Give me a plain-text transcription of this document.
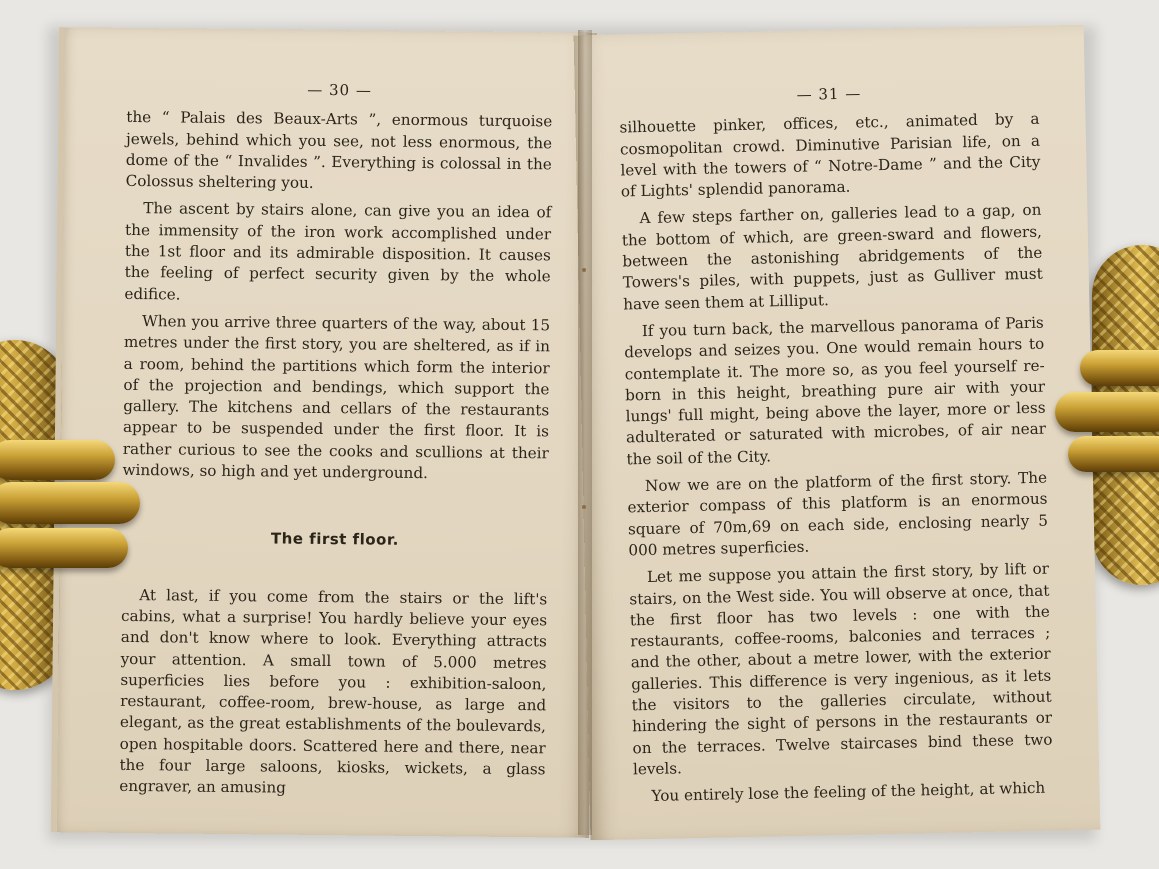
— 30 —

the “ Palais des Beaux-Arts ”, enormous turquoise jewels, behind which you see, not less enormous, the dome of the “ Invalides ”. Everything is colossal in the Colossus sheltering you.

The ascent by stairs alone, can give you an idea of the immensity of the iron work accomplished under the 1st floor and its admirable disposition. It causes the feeling of perfect security given by the whole edifice.

When you arrive three quarters of the way, about 15 metres under the first story, you are sheltered, as if in a room, behind the partitions which form the interior of the projection and bendings, which support the gallery. The kitchens and cellars of the restaurants appear to be suspended under the first floor. It is rather curious to see the cooks and scullions at their windows, so high and yet underground.

The first floor.

At last, if you come from the stairs or the lift's cabins, what a surprise! You hardly believe your eyes and don't know where to look. Everything attracts your attention. A small town of 5.000 metres superficies lies before you : exhibition-saloon, restaurant, coffee-room, brew-house, as large and elegant, as the great establishments of the boulevards, open hospitable doors. Scattered here and there, near the four large saloons, kiosks, wickets, a glass engraver, an amusing

— 31 —

silhouette pinker, offices, etc., animated by a cosmopolitan crowd. Diminutive Parisian life, on a level with the towers of “ Notre-Dame ” and the City of Lights' splendid panorama.

A few steps farther on, galleries lead to a gap, on the bottom of which, are green-sward and flowers, between the astonishing abridgements of the Towers's piles, with puppets, just as Gulliver must have seen them at Lilliput.

If you turn back, the marvellous panorama of Paris develops and seizes you. One would remain hours to contemplate it. The more so, as you feel yourself re-born in this height, breathing pure air with your lungs' full might, being above the layer, more or less adulterated or saturated with microbes, of air near the soil of the City.

Now we are on the platform of the first story. The exterior compass of this platform is an enormous square of 70m,69 on each side, enclosing nearly 5 000 metres superficies.

Let me suppose you attain the first story, by lift or stairs, on the West side. You will observe at once, that the first floor has two levels : one with the restaurants, coffee-rooms, balconies and terraces ; and the other, about a metre lower, with the exterior galleries. This difference is very ingenious, as it lets the visitors to the galleries circulate, without hindering the sight of persons in the restaurants or on the terraces. Twelve staircases bind these two levels.

You entirely lose the feeling of the height, at which
